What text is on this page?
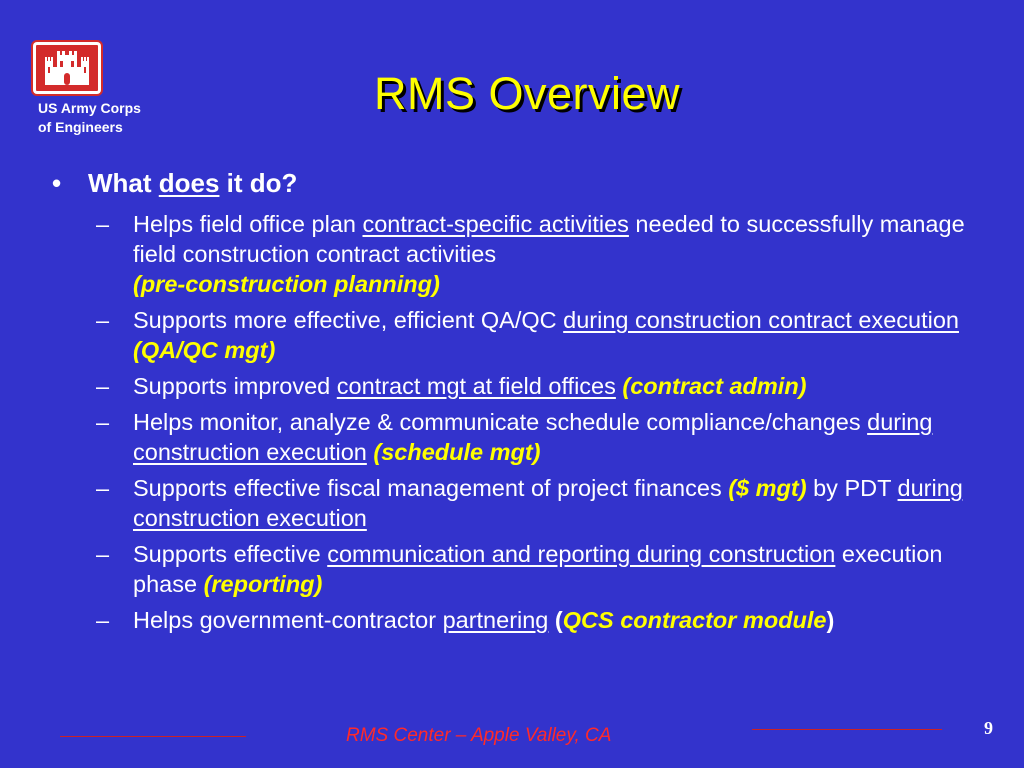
US Army Corps
of Engineers
RMS Overview
•	What does it do?
–	Helps field office plan contract-specific activities needed to successfully manage field construction contract activities
(pre-construction planning)
–	Supports more effective, efficient QA/QC during construction contract execution (QA/QC mgt)
–	Supports improved contract mgt at field offices (contract admin)
–	Helps monitor, analyze & communicate schedule compliance/changes during construction execution (schedule mgt)
–	Supports effective fiscal management of project finances ($ mgt) by PDT during construction execution
–	Supports effective communication and reporting during construction execution phase (reporting)
–	Helps government-contractor partnering (QCS contractor module)
RMS Center – Apple Valley, CA	9
